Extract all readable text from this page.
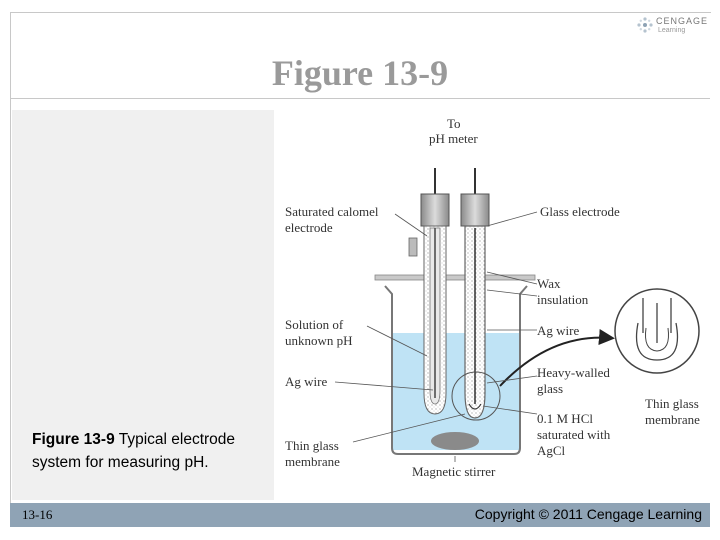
CENGAGE
Learning
Figure 13-9
Figure 13-9 Typical electrode system for measuring pH.
To
pH meter
Saturated calomel
electrode
Glass electrode
Wax
insulation
Solution of
unknown pH
Ag wire
Ag wire
Heavy-walled
glass
Thin glass
membrane
0.1 M HCl
saturated with
AgCl
Thin glass
membrane
Magnetic stirrer
13-16	Copyright © 2011 Cengage Learning
